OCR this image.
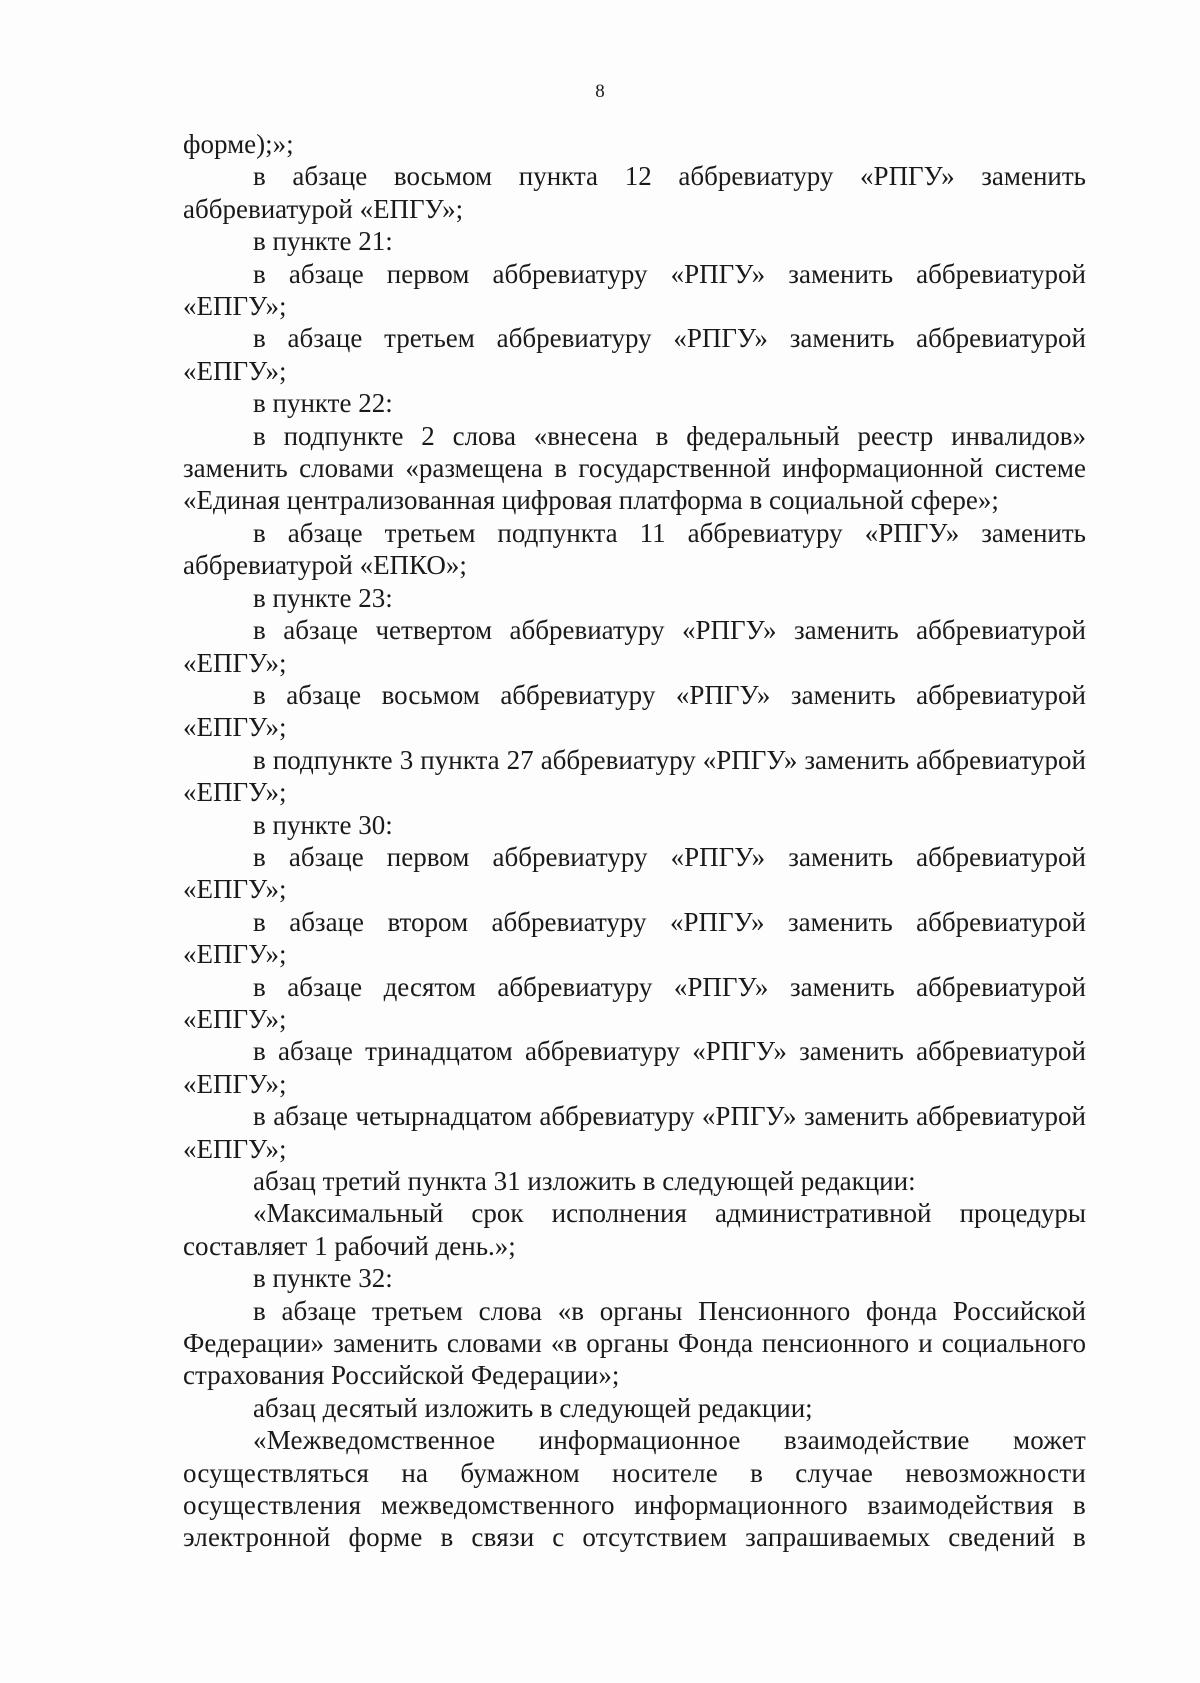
8

форме);»;

в абзаце восьмом пункта 12 аббревиатуру «РПГУ» заменить аббревиатурой «ЕПГУ»;

в пункте 21:

в абзаце первом аббревиатуру «РПГУ» заменить аббревиатурой «ЕПГУ»;

в абзаце третьем аббревиатуру «РПГУ» заменить аббревиатурой «ЕПГУ»;

в пункте 22:

в подпункте 2 слова «внесена в федеральный реестр инвалидов» заменить словами «размещена в государственной информационной системе «Единая централизованная цифровая платформа в социальной сфере»;

в абзаце третьем подпункта 11 аббревиатуру «РПГУ» заменить аббревиатурой «ЕПКО»;

в пункте 23:

в абзаце четвертом аббревиатуру «РПГУ» заменить аббревиатурой «ЕПГУ»;

в абзаце восьмом аббревиатуру «РПГУ» заменить аббревиатурой «ЕПГУ»;

в подпункте 3 пункта 27 аббревиатуру «РПГУ» заменить аббревиатурой «ЕПГУ»;

в пункте 30:

в абзаце первом аббревиатуру «РПГУ» заменить аббревиатурой «ЕПГУ»;

в абзаце втором аббревиатуру «РПГУ» заменить аббревиатурой «ЕПГУ»;

в абзаце десятом аббревиатуру «РПГУ» заменить аббревиатурой «ЕПГУ»;

в абзаце тринадцатом аббревиатуру «РПГУ» заменить аббревиатурой «ЕПГУ»;

в абзаце четырнадцатом аббревиатуру «РПГУ» заменить аббревиатурой «ЕПГУ»;

абзац третий пункта 31 изложить в следующей редакции:

«Максимальный срок исполнения административной процедуры составляет 1 рабочий день.»;

в пункте 32:

в абзаце третьем слова «в органы Пенсионного фонда Российской Федерации» заменить словами «в органы Фонда пенсионного и социального страхования Российской Федерации»;

абзац десятый изложить в следующей редакции;

«Межведомственное информационное взаимодействие может осуществляться на бумажном носителе в случае невозможности осуществления межведомственного информационного взаимодействия в электронной форме в связи с отсутствием запрашиваемых сведений в
